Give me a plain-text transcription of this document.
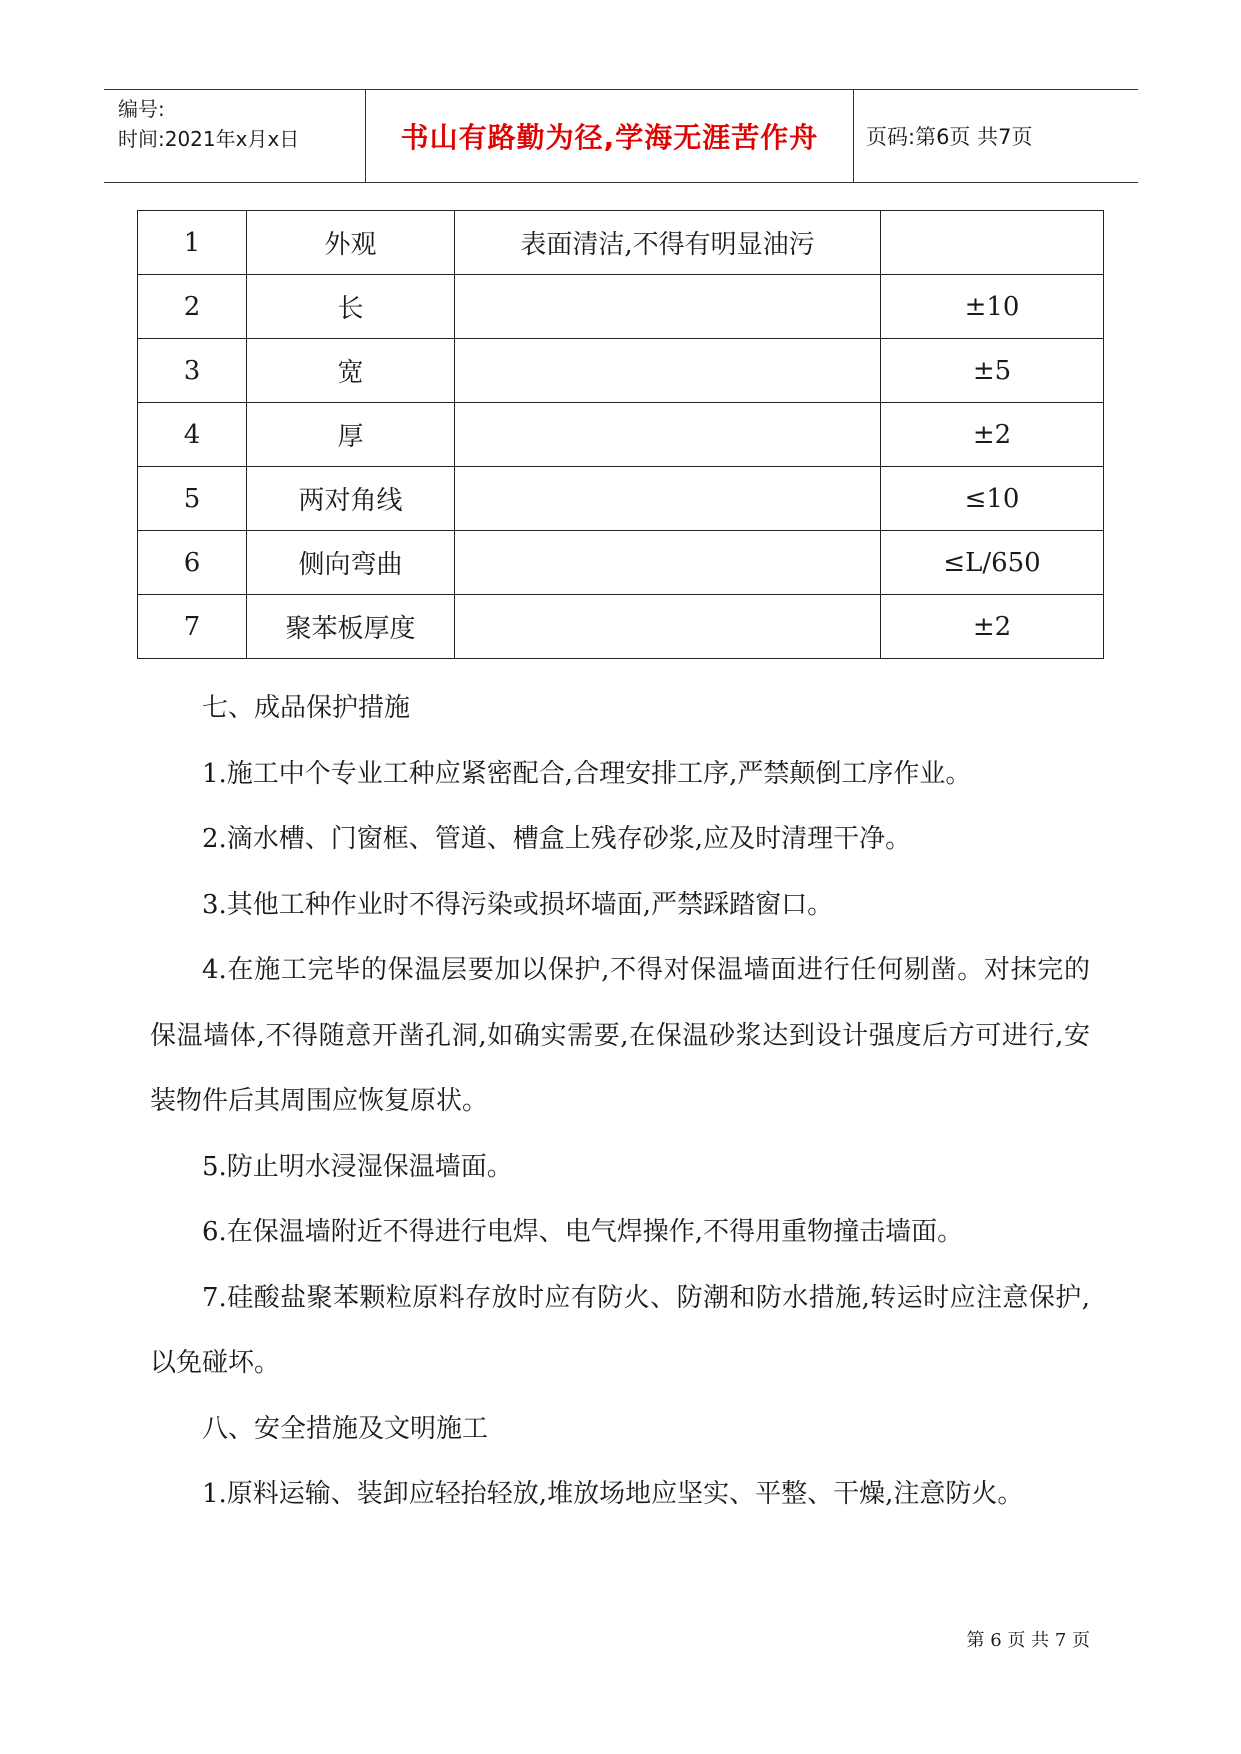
编号:
时间:2021年x月x日	书山有路勤为径,学海无涯苦作舟	页码:第6页 共7页
1	外观	表面清洁,不得有明显油污	
2	长		±10
3	宽		±5
4	厚		±2
5	两对角线		≤10
6	侧向弯曲		≤L/650
7	聚苯板厚度		±2

七、成品保护措施

1.施工中个专业工种应紧密配合,合理安排工序,严禁颠倒工序作业。

2.滴水槽、门窗框、管道、槽盒上残存砂浆,应及时清理干净。

3.其他工种作业时不得污染或损坏墙面,严禁踩踏窗口。

4.在施工完毕的保温层要加以保护,不得对保温墙面进行任何剔凿。对抹完的保温墙体,不得随意开凿孔洞,如确实需要,在保温砂浆达到设计强度后方可进行,安装物件后其周围应恢复原状。

5.防止明水浸湿保温墙面。

6.在保温墙附近不得进行电焊、电气焊操作,不得用重物撞击墙面。

7.硅酸盐聚苯颗粒原料存放时应有防火、防潮和防水措施,转运时应注意保护,以免碰坏。

八、安全措施及文明施工

1.原料运输、装卸应轻抬轻放,堆放场地应坚实、平整、干燥,注意防火。

第 6 页 共 7 页
